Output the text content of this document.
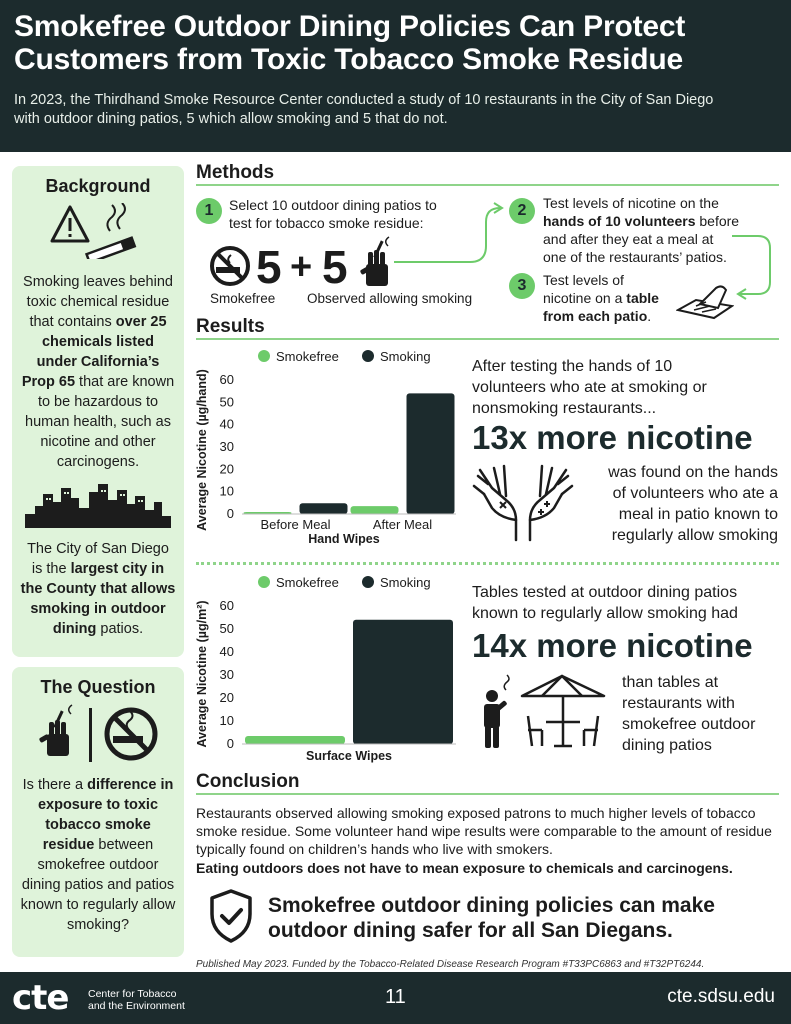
Smokefree Outdoor Dining Policies Can Protect
Customers from Toxic Tobacco Smoke Residue

In 2023, the Thirdhand Smoke Resource Center conducted a study of 10 restaurants in the City of San Diego
with outdoor dining patios, 5 which allow smoking and 5 that do not.

Background

Smoking leaves behind toxic chemical residue that contains over 25 chemicals listed under California’s Prop 65 that are known to be hazardous to human health, such as nicotine and other carcinogens.

The City of San Diego is the largest city in the County that allows smoking in outdoor dining patios.

The Question

Is there a difference in exposure to toxic tobacco smoke residue between smokefree outdoor dining patios and patios known to regularly allow smoking?

Methods
1	Select 10 outdoor dining patios to
test for tobacco smoke residue:
5 + 5
Smokefree Observed allowing smoking
2	Test levels of nicotine on the
hands of 10 volunteers before
and after they eat a meal at
one of the restaurants’ patios.
3	Test levels of
nicotine on a table
from each patio.
Results
Smokefree	Smoking
0
10
20
30
40
50
60
Before Meal	After Meal
Average Nicotine (µg/hand)
Hand Wipes
Smokefree	Smoking
0
10
20
30
40
50
60
Surface Wipes
Average Nicotine (µg/m²)
After testing the hands of 10
volunteers who ate at smoking or
nonsmoking restaurants...
13x more nicotine
was found on the hands
of volunteers who ate a
meal in patio known to
regularly allow smoking
Tables tested at outdoor dining patios
known to regularly allow smoking had
14x more nicotine
than tables at
restaurants with
smokefree outdoor
dining patios
Conclusion
Restaurants observed allowing smoking exposed patrons to much higher levels of tobacco smoke residue. Some volunteer hand wipe results were comparable to the amount of residue typically found on children’s hands who live with smokers.
Eating outdoors does not have to mean exposure to chemicals and carcinogens.
Smokefree outdoor dining policies can make outdoor dining safer for all San Diegans.
Published May 2023. Funded by the Tobacco-Related Disease Research Program #T33PC6863 and #T32PT6244.
cte Center for Tobacco
and the Environment	11	cte.sdsu.edu
